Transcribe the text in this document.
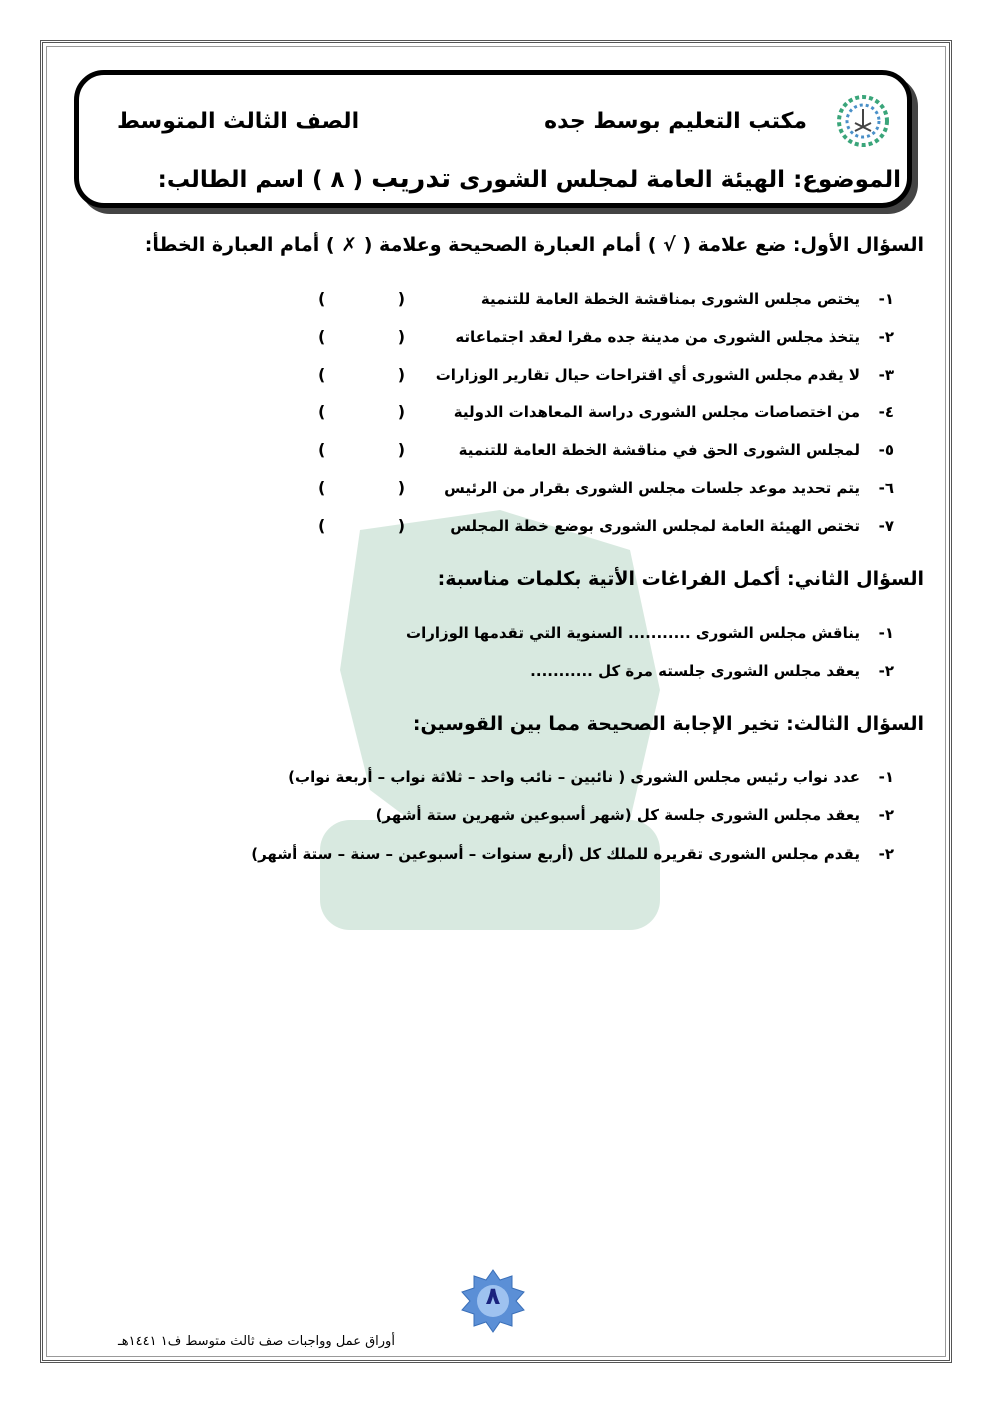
مكتب التعليم بوسط جده
الصف الثالث المتوسط
الموضوع: الهيئة العامة لمجلس الشورى تدريب ( ٨ ) اسم الطالب:
السؤال الأول: ضع علامة ( √ ) أمام العبارة الصحيحة وعلامة ( ✗ ) أمام العبارة الخطأ:
١-يختص مجلس الشورى بمناقشة الخطة العامة للتنمية
٢-يتخذ مجلس الشورى من مدينة جده مقرا لعقد اجتماعاته
٣-لا يقدم مجلس الشورى أي اقتراحات حيال تقارير الوزارات
٤-من اختصاصات مجلس الشورى دراسة المعاهدات الدولية
٥-لمجلس الشورى الحق في مناقشة الخطة العامة للتنمية
٦-يتم تحديد موعد جلسات مجلس الشورى بقرار من الرئيس
٧-تختص الهيئة العامة لمجلس الشورى بوضع خطة المجلس
(             )
(             )
(             )
(             )
(             )
(             )
(             )
السؤال الثاني: أكمل الفراغات الأتية بكلمات مناسبة:
١-يناقش مجلس الشورى ........... السنوية التي تقدمها الوزارات
٢-يعقد مجلس الشورى جلسته مرة كل ...........
السؤال الثالث: تخير الإجابة الصحيحة مما بين القوسين:
١-عدد نواب رئيس مجلس الشورى ( نائبين – نائب واحد – ثلاثة نواب – أربعة نواب)
٢-يعقد مجلس الشورى جلسة كل (شهر أسبوعين شهرين ستة أشهر)
٢-يقدم مجلس الشورى تقريره للملك كل (أربع سنوات – أسبوعين – سنة – ستة أشهر)
٨
أوراق عمل وواجبات صف ثالث متوسط ف١ ١٤٤١هـ
